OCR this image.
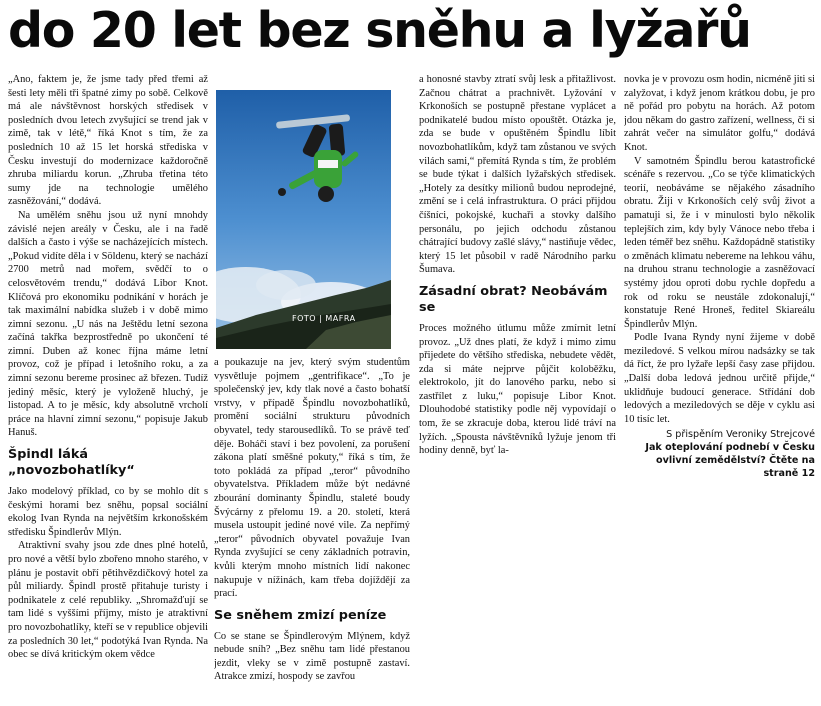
do 20 let bez sněhu a lyžařů

„Ano, faktem je, že jsme tady před třemi až šesti lety měli tři špatné zimy po sobě. Celkově má ale návštěvnost horských středisek v posledních dvou letech zvyšující se trend jak v zimě, tak v létě,“ říká Knot s tím, že za posledních 10 až 15 let horská střediska v Česku investují do modernizace každoročně zhruba miliardu korun. „Zhruba třetina této sumy jde na technologie umělého zasněžování,“ dodává.

Na umělém sněhu jsou už nyní mnohdy závislé nejen areály v Česku, ale i na řadě dalších a často i výše se nacházejících místech. „Pokud vidíte děla i v Söldenu, který se nachází 2700 metrů nad mořem, svědčí to o celosvětovém trendu,“ dodává Libor Knot. Klíčová pro ekonomiku podnikání v horách je tak maximální nabídka služeb i v době mimo zimní sezonu. „U nás na Ještědu letní sezona začíná takřka bezprostředně po ukončení té zimní. Duben až konec října máme letní provoz, což je případ i letošního roku, a za zimní sezonu bereme prosinec až březen. Tudíž jediný měsíc, který je vyloženě hluchý, je listopad. A to je měsíc, kdy absolutně vrcholí práce na hlavní zimní sezonu,“ popisuje Jakub Hanuš.

Špindl láká „novozbohatlíky“

Jako modelový příklad, co by se mohlo dít s českými horami bez sněhu, popsal sociální ekolog Ivan Rynda na největším krkonošském středisku Špindlerův Mlýn.

Atraktivní svahy jsou zde dnes plné hotelů, pro nové a větší bylo zbořeno mnoho starého, v plánu je postavit obří pětihvězdičkový hotel za půl miliardy. Špindl prostě přitahuje turisty i podnikatele z celé republiky. „Shromažďují se tam lidé s vyššími příjmy, místo je atraktivní pro novozbohatlíky, kteří se v republice objevili za posledních 30 let,“ podotýká Ivan Rynda. Na obec se dívá kritickým okem vědce

FOTO | MAFRA

a poukazuje na jev, který svým studentům vysvětluje pojmem „gentrifikace“. „To je společenský jev, kdy tlak nové a často bohatší vrstvy, v případě Špindlu novozbohatlíků, promění sociální strukturu původních obyvatel, tedy starousedlíků. To se právě teď děje. Boháči staví i bez povolení, za porušení zákona platí směšné pokuty,“ říká s tím, že toto pokládá za případ „teror“ původního obyvatelstva. Příkladem může být nedávné zbourání dominanty Špindlu, staleté boudy Švýcárny z přelomu 19. a 20. století, která musela ustoupit jediné nové vile. Za nepřímý „teror“ původních obyvatel považuje Ivan Rynda zvyšující se ceny základních potravin, kvůli kterým mnoho místních lidí nakonec nakupuje v nížinách, kam třeba dojíždějí za prací.

Se sněhem zmizí peníze

Co se stane se Špindlerovým Mlýnem, když nebude sníh? „Bez sněhu tam lidé přestanou jezdit, vleky se v zimě postupně zastaví. Atrakce zmizí, hospody se zavřou

a honosné stavby ztratí svůj lesk a přitažlivost. Začnou chátrat a prachnivět. Lyžování v Krkonoších se postupně přestane vyplácet a podnikatelé budou místo opouštět. Otázka je, zda se bude v opuštěném Špindlu líbit novozbohatlíkům, když tam zůstanou ve svých vilách sami,“ přemítá Rynda s tím, že problém se bude týkat i dalších lyžařských středisek. „Hotely za desítky milionů budou neprodejné, změní se i celá infrastruktura. O práci přijdou číšníci, pokojské, kuchaři a stovky dalšího personálu, po jejich odchodu zůstanou chátrající budovy zašlé slávy,“ nastiňuje vědec, který 15 let působil v radě Národního parku Šumava.

Zásadní obrat? Neobávám se

Proces možného útlumu může zmírnit letní provoz. „Už dnes platí, že když i mimo zimu přijedete do většího střediska, nebudete vědět, zda si máte nejprve půjčit koloběžku, elektrokolo, jít do lanového parku, nebo si zastřílet z luku,“ popisuje Libor Knot. Dlouhodobé statistiky podle něj vypovídají o tom, že se zkracuje doba, kterou lidé tráví na lyžích. „Spousta návštěvníků lyžuje jenom tři hodiny denně, byť la-

novka je v provozu osm hodin, nicméně jiti si zalyžovat, i když jenom krátkou dobu, je pro ně pořád pro pobytu na horách. Až potom jdou někam do gastro zařízení, wellness, či si zahrát večer na simulátor golfu,“ dodává Knot.

V samotném Špindlu berou katastrofické scénáře s rezervou. „Co se týče klimatických teorií, neobáváme se nějakého zásadního obratu. Žiji v Krkonoších celý svůj život a pamatuji si, že i v minulosti bylo několik teplejších zim, kdy byly Vánoce nebo třeba i leden téměř bez sněhu. Každopádně statistiky o změnách klimatu nebereme na lehkou váhu, na druhou stranu technologie a zasněžovací systémy jdou oproti dobu rychle dopředu a rok od roku se neustále zdokonalují,“ konstatuje René Hroneš, ředitel Skiareálu Špindlerův Mlýn.

Podle Ivana Ryndy nyní žijeme v době meziledové. S velkou mírou nadsázky se tak dá říct, že pro lyžaře lepší časy zase přijdou. „Další doba ledová jednou určitě přijde,“ uklidňuje budoucí generace. Střídání dob ledových a meziledových se děje v cyklu asi 10 tisíc let.

S přispěním Veroniky Strejcové
Jak oteplování podnebí v Česku ovlivní zemědělství? Čtěte na straně 12
